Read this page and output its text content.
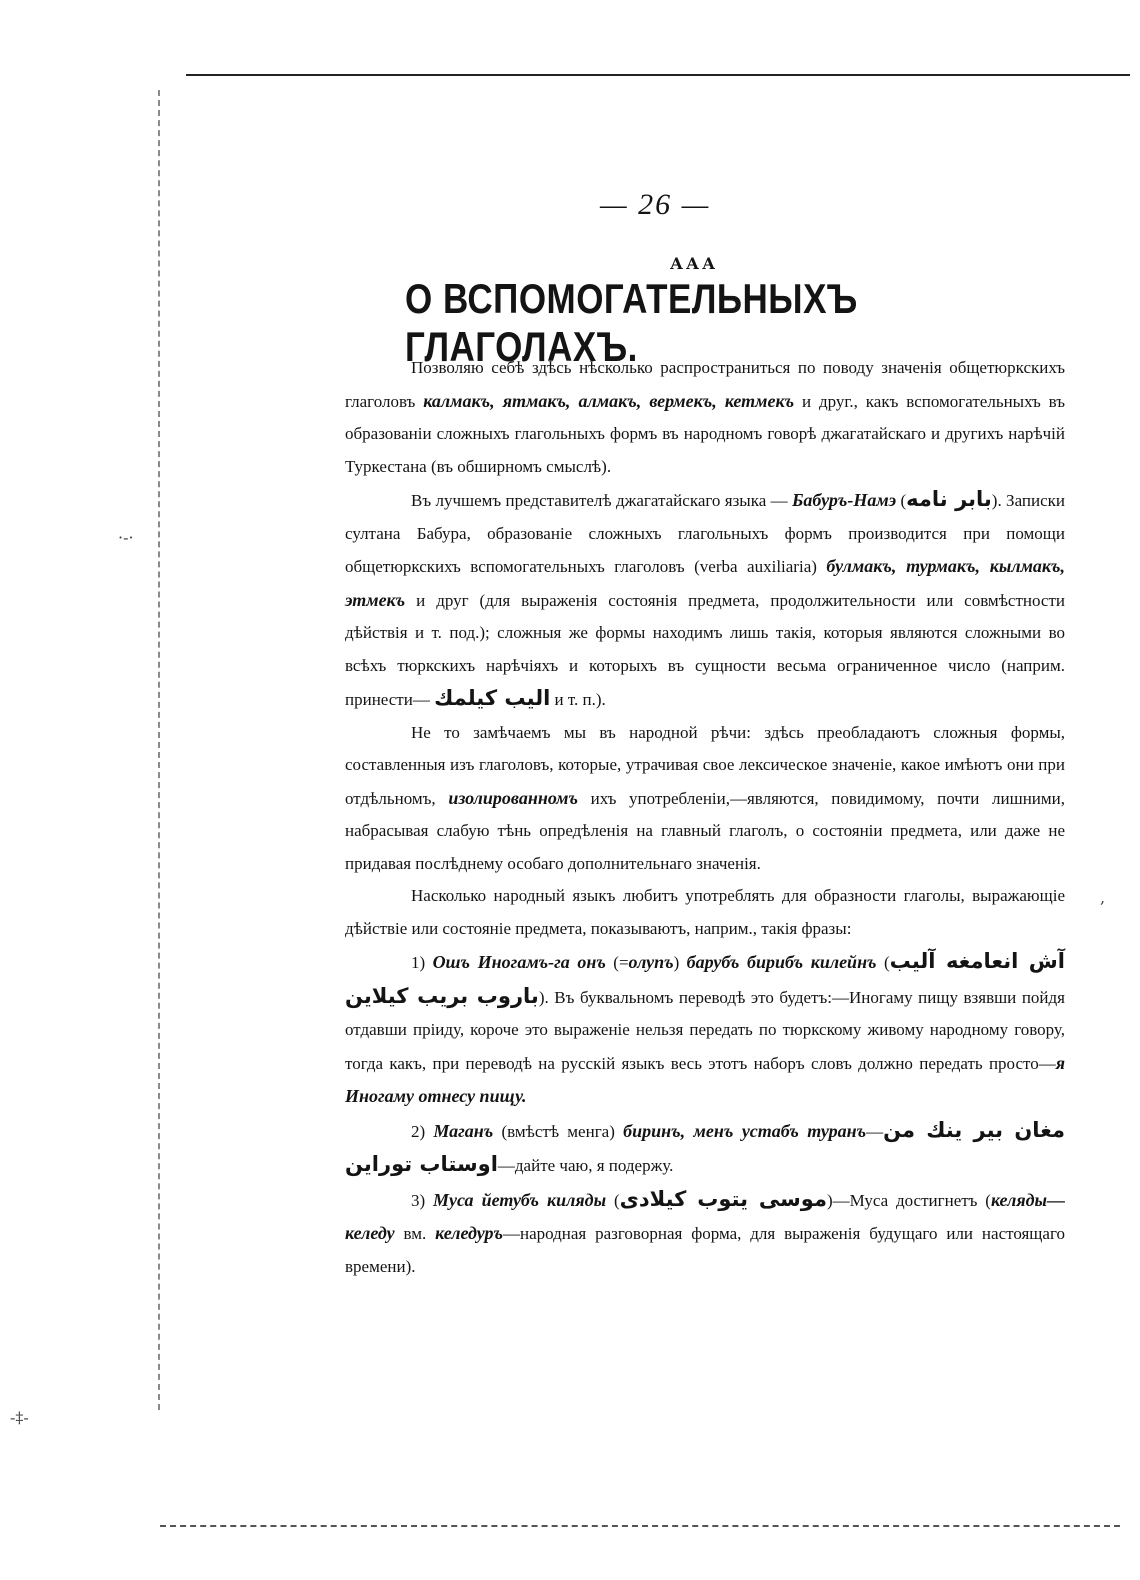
·-·
-‡-
,
— 26 —
ААА
О ВСПОМОГАТЕЛЬНЫХЪ ГЛАГОЛАХЪ.

Позволяю себѣ здѣсь нѣсколько распространиться по поводу значенія общетюркскихъ глаголовъ калмакъ, ятмакъ, алмакъ, вермекъ, кетмекъ и друг., какъ вспомогательныхъ въ образованіи сложныхъ глагольныхъ формъ въ народномъ говорѣ джагатайскаго и другихъ нарѣчій Туркестана (въ обширномъ смыслѣ).

Въ лучшемъ представителѣ джагатайскаго языка — Бабуръ-Намэ (بابر نامه). Записки султана Бабура, образованіе сложныхъ глагольныхъ формъ производится при помощи общетюркскихъ вспомогательныхъ глаголовъ (verba auxiliaria) булмакъ, турмакъ, кылмакъ, этмекъ и друг (для выраженія состоянія предмета, продолжительности или совмѣстности дѣйствія и т. под.); сложныя же формы находимъ лишь такія, которыя являются сложными во всѣхъ тюркскихъ нарѣчіяхъ и которыхъ въ сущности весьма ограниченное число (наприм. принести— الیب کیلمك и т. п.).

Не то замѣчаемъ мы въ народной рѣчи: здѣсь преобладаютъ сложныя формы, составленныя изъ глаголовъ, которые, утрачивая свое лексическое значеніе, какое имѣютъ они при отдѣльномъ, изолированномъ ихъ употребленіи,—являются, повидимому, почти лишними, набрасывая слабую тѣнь опредѣленія на главный глаголъ, о состояніи предмета, или даже не придавая послѣднему особаго дополнительнаго значенія.

Насколько народный языкъ любитъ употреблять для образности глаголы, выражающіе дѣйствіе или состояніе предмета, показываютъ, наприм., такія фразы:

1) Ошъ Иногамъ-га онъ (=олупъ) барубъ бирибъ килейнъ (آش انعامغه آلیب باروب بریب کیلاین). Въ буквальномъ переводѣ это будетъ:—Иногаму пищу взявши пойдя отдавши пріиду, короче это выраженіе нельзя передать по тюркскому живому народному говору, тогда какъ, при переводѣ на русскій языкъ весь этотъ наборъ словъ должно передать просто—я Иногаму отнесу пищу.

2) Маганъ (вмѣстѣ менга) биринъ, менъ устабъ туранъ—مغان بیر ینك من اوستاب توراین—дайте чаю, я подержу.

3) Муса йетубъ киляды (موسی یتوب کیلادی)—Муса достигнетъ (келяды—келеду вм. келедуръ—народная разговорная форма, для выраженія будущаго или настоящаго времени).
